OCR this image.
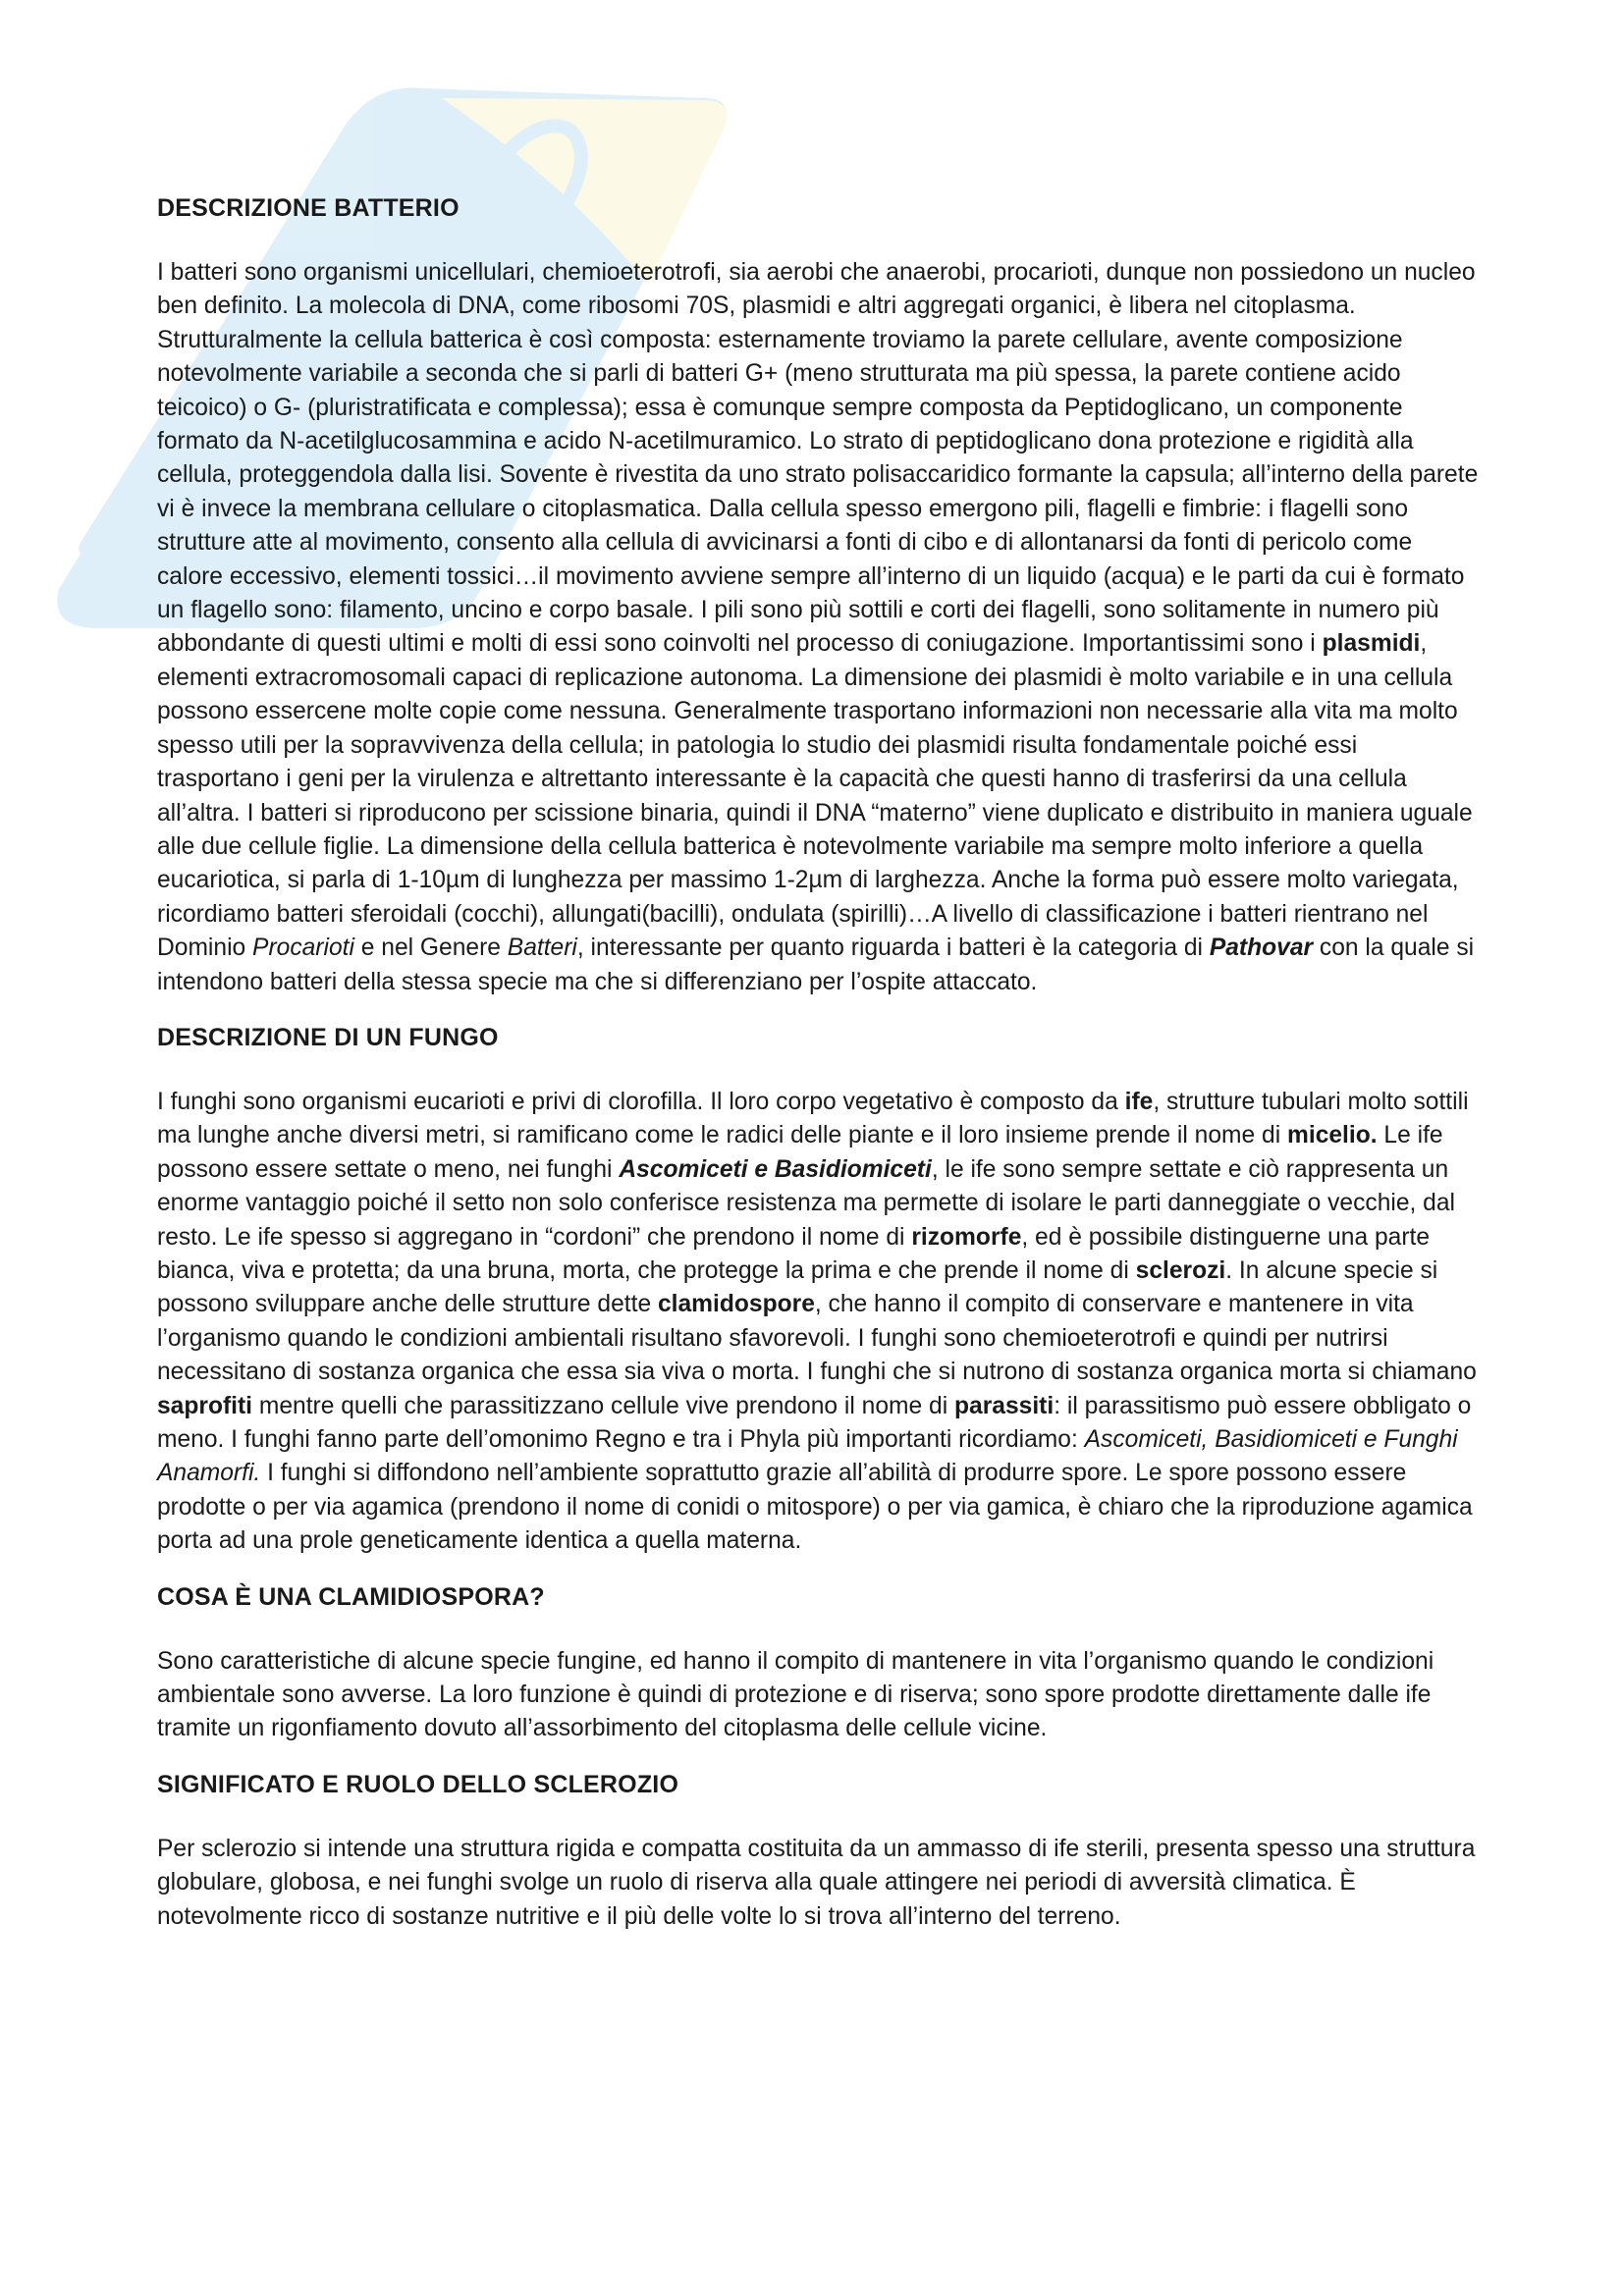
DESCRIZIONE BATTERIO

I batteri sono organismi unicellulari, chemioeterotrofi, sia aerobi che anaerobi, procarioti, dunque non possiedono un nucleo ben definito. La molecola di DNA, come ribosomi 70S, plasmidi e altri aggregati organici, è libera nel citoplasma. Strutturalmente la cellula batterica è così composta: esternamente troviamo la parete cellulare, avente composizione notevolmente variabile a seconda che si parli di batteri G+ (meno strutturata ma più spessa, la parete contiene acido teicoico) o G- (pluristratificata e complessa); essa è comunque sempre composta da Peptidoglicano, un componente formato da N-acetilglucosammina e acido N-acetilmuramico. Lo strato di peptidoglicano dona protezione e rigidità alla cellula, proteggendola dalla lisi. Sovente è rivestita da uno strato polisaccaridico formante la capsula; all’interno della parete vi è invece la membrana cellulare o citoplasmatica. Dalla cellula spesso emergono pili, flagelli e fimbrie: i flagelli sono strutture atte al movimento, consento alla cellula di avvicinarsi a fonti di cibo e di allontanarsi da fonti di pericolo come calore eccessivo, elementi tossici…il movimento avviene sempre all’interno di un liquido (acqua) e le parti da cui è formato un flagello sono: filamento, uncino e corpo basale. I pili sono più sottili e corti dei flagelli, sono solitamente in numero più abbondante di questi ultimi e molti di essi sono coinvolti nel processo di coniugazione. Importantissimi sono i plasmidi, elementi extracromosomali capaci di replicazione autonoma. La dimensione dei plasmidi è molto variabile e in una cellula possono essercene molte copie come nessuna. Generalmente trasportano informazioni non necessarie alla vita ma molto spesso utili per la sopravvivenza della cellula; in patologia lo studio dei plasmidi risulta fondamentale poiché essi trasportano i geni per la virulenza e altrettanto interessante è la capacità che questi hanno di trasferirsi da una cellula all’altra. I batteri si riproducono per scissione binaria, quindi il DNA “materno” viene duplicato e distribuito in maniera uguale alle due cellule figlie. La dimensione della cellula batterica è notevolmente variabile ma sempre molto inferiore a quella eucariotica, si parla di 1-10µm di lunghezza per massimo 1-2µm di larghezza. Anche la forma può essere molto variegata, ricordiamo batteri sferoidali (cocchi), allungati(bacilli), ondulata (spirilli)…A livello di classificazione i batteri rientrano nel Dominio Procarioti e nel Genere Batteri, interessante per quanto riguarda i batteri è la categoria di Pathovar con la quale si intendono batteri della stessa specie ma che si differenziano per l’ospite attaccato.

DESCRIZIONE DI UN FUNGO

I funghi sono organismi eucarioti e privi di clorofilla. Il loro corpo vegetativo è composto da ife, strutture tubulari molto sottili ma lunghe anche diversi metri, si ramificano come le radici delle piante e il loro insieme prende il nome di micelio. Le ife possono essere settate o meno, nei funghi Ascomiceti e Basidiomiceti, le ife sono sempre settate e ciò rappresenta un enorme vantaggio poiché il setto non solo conferisce resistenza ma permette di isolare le parti danneggiate o vecchie, dal resto. Le ife spesso si aggregano in “cordoni” che prendono il nome di rizomorfe, ed è possibile distinguerne una parte bianca, viva e protetta; da una bruna, morta, che protegge la prima e che prende il nome di sclerozi. In alcune specie si possono sviluppare anche delle strutture dette clamidospore, che hanno il compito di conservare e mantenere in vita l’organismo quando le condizioni ambientali risultano sfavorevoli. I funghi sono chemioeterotrofi e quindi per nutrirsi necessitano di sostanza organica che essa sia viva o morta. I funghi che si nutrono di sostanza organica morta si chiamano saprofiti mentre quelli che parassitizzano cellule vive prendono il nome di parassiti: il parassitismo può essere obbligato o meno. I funghi fanno parte dell’omonimo Regno e tra i Phyla più importanti ricordiamo: Ascomiceti, Basidiomiceti e Funghi Anamorfi. I funghi si diffondono nell’ambiente soprattutto grazie all’abilità di produrre spore. Le spore possono essere prodotte o per via agamica (prendono il nome di conidi o mitospore) o per via gamica, è chiaro che la riproduzione agamica porta ad una prole geneticamente identica a quella materna.

COSA È UNA CLAMIDIOSPORA?

Sono caratteristiche di alcune specie fungine, ed hanno il compito di mantenere in vita l’organismo quando le condizioni ambientale sono avverse. La loro funzione è quindi di protezione e di riserva; sono spore prodotte direttamente dalle ife tramite un rigonfiamento dovuto all’assorbimento del citoplasma delle cellule vicine.

SIGNIFICATO E RUOLO DELLO SCLEROZIO

Per sclerozio si intende una struttura rigida e compatta costituita da un ammasso di ife sterili, presenta spesso una struttura globulare, globosa, e nei funghi svolge un ruolo di riserva alla quale attingere nei periodi di avversità climatica. È notevolmente ricco di sostanze nutritive e il più delle volte lo si trova all’interno del terreno.
